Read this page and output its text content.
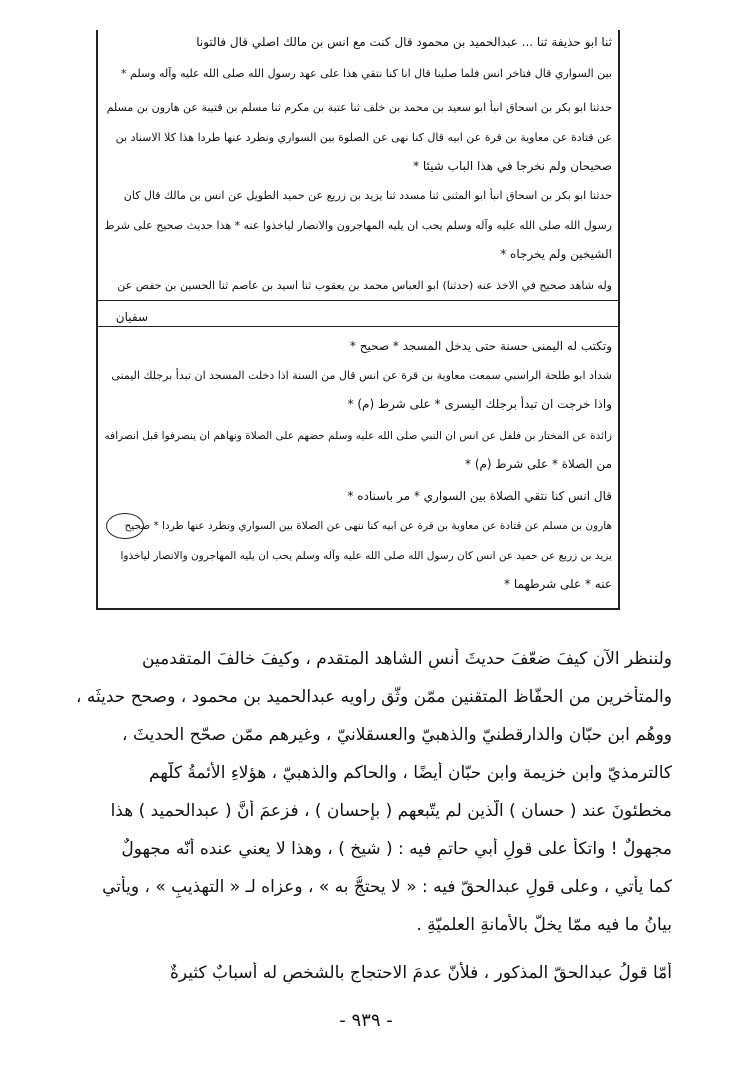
ثنا ابو حذيفة ثنا ... عبدالحميد بن محمود قال كنت مع انس بن مالك اصلي قال فالتونا
بين السواري قال فتاخر انس فلما صلينا قال انا كنا نتقي هذا على عهد رسول الله صلى الله عليه وآله وسلم *
حدثنا ابو بكر بن اسحاق انبأ ابو سعيد بن محمد بن خلف ثنا عتبة بن مكرم ثنا مسلم بن قتيبة عن هارون بن مسلم
عن قتادة عن معاوية بن قرة عن ابيه قال كنا نهى عن الصلوة بين السواري ونطرد عنها طردا هذا كلا الاسناد بن
صحيحان ولم نخرجا في هذا الباب شيئا *
حدثنا ابو بكر بن اسحاق انبأ ابو المثنى ثنا مسدد ثنا يزيد بن زريع عن حميد الطويل عن انس بن مالك قال كان
رسول الله صلى الله عليه وآله وسلم يحب ان يليه المهاجرون والانصار لياخذوا عنه * هذا حديث صحيح على شرط
الشيخين ولم يخرجاه *
وله شاهد صحيح في الاخذ عنه (حدثنا) ابو العباس محمد بن يعقوب ثنا اسيد بن عاصم ثنا الحسين بن حفص عن
سفيان
وتكتب له اليمنى حسنة حتى يدخل المسجد * صحيح *
شداد ابو طلحة الراسبي سمعت معاوية بن قرة عن انس قال من السنة اذا دخلت المسجد ان تبدأ برجلك اليمنى
واذا خرجت ان تبدأ برجلك اليسرى * على شرط (م) *
زائدة عن المختار بن فلفل عن انس ان النبي صلى الله عليه وسلم حضهم على الصلاة ونهاهم ان ينصرفوا قبل انصرافه
من الصلاة * على شرط (م) *
قال انس كنا نتقي الصلاة بين السواري * مر باسناده *
هارون بن مسلم عن قتادة عن معاوية بن قرة عن ابيه كنا ننهى عن الصلاة بين السواري ونطرد عنها طردا * صحيح
يزيد بن زريع عن حميد عن انس كان رسول الله صلى الله عليه وآله وسلم يحب ان يليه المهاجرون والانصار لياخذوا
عنه * على شرطهما *
ولننظر الآن كيفَ ضعّفَ حديثَ أنسِ الشاهد المتقدم ، وكيفَ خالفَ المتقدمين
والمتأخرين من الحفّاظ المتقنين ممّن وثّق راويه عبدالحميد بن محمود ، وصحح حديثَه ،
ووهُم ابن حبّان والدارقطنيّ والذهبيّ والعسقلانيّ ، وغيرهم ممّن صحّح الحديثَ ،
كالترمذيّ وابن خزيمة وابن حبّان أيضًا ، والحاكم والذهبيّ ، هؤلاءِ الأئمةُ كلّهم
مخطئونَ عند ( حسان ) الّذين لم يتّبعهم ( بإحسان ) ، فزعمَ أنَّ ( عبدالحميد ) هذا
مجهولٌ ! واتكأ على قولِ أبي حاتمٍ فيه : ( شيخ ) ، وهذا لا يعني عنده أنّه مجهولٌ
كما يأتي ، وعلى قولِ عبدالحقّ فيه : « لا يحتجُّ به » ، وعزاه لـ « التهذيبِ » ، ويأتي
بيانُ ما فيه ممّا يخلُّ بالأمانةِ العلميّةِ .
أمّا قولُ عبدالحقّ المذكور ، فلأنّ عدمَ الاحتجاجِ بالشخصِ له أسبابٌ كثيرةٌ
- ٩٣٩ -
